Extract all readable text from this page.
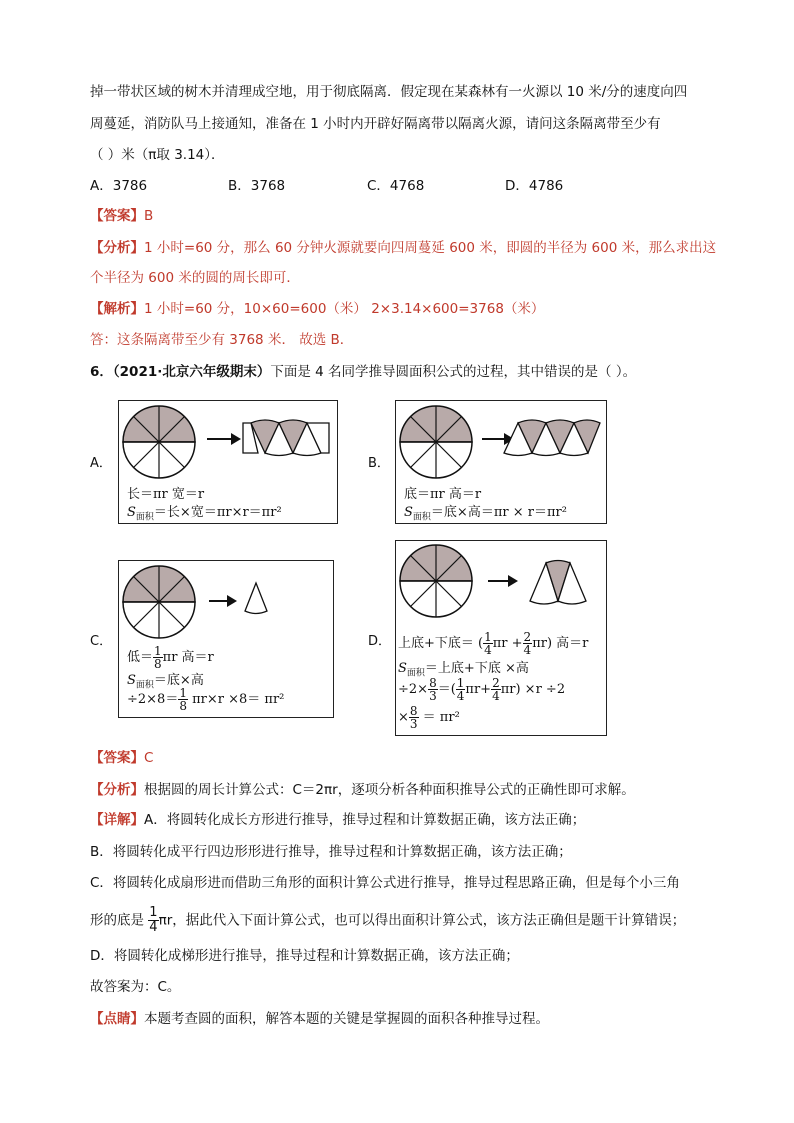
掉一带状区域的树木并清理成空地，用于彻底隔离．假定现在某森林有一火源以 10 米/分的速度向四
周蔓延，消防队马上接通知，准备在 1 小时内开辟好隔离带以隔离火源，请问这条隔离带至少有
（ ）米（π取 3.14）．
A．3786	B．3768	C．4768	D．4786
【答案】B
【分析】1 小时=60 分，那么 60 分钟火源就要向四周蔓延 600 米，即圆的半径为 600 米，那么求出这
个半径为 600 米的圆的周长即可．
【解析】1 小时=60 分，10×60=600（米） 2×3.14×600=3768（米）
答：这条隔离带至少有 3768 米． 故选 B．
6．（2021·北京六年级期末）下面是 4 名同学推导圆面积公式的过程，其中错误的是（ ）。
A．
长＝πr 宽＝r
$S_{面积}=$长×宽＝πr×r＝πr²
B．
底＝πr 高＝r
$S_{面积}=$底×高＝πr × r＝πr²
C．
低＝ $\frac{1}{8}$ πr 高＝r
$S_{面积}=$底×高
$\div 2\times 8= \frac{1}{8} \pi r\times r \times 8= \pi r^2$
D． 上底+下底＝ ( $\frac{1}{4}$ $\pi r + \frac{2}{4} \pi r$) 高＝r
$S_{面积}=$上底+下底 ×高
$\div 2\times \frac{8}{3}$ ＝( $\frac{1}{4} \pi r+ \frac{2}{4} \pi r) \times r \div 2$
× $\frac{8}{3} = \pi r^2$
【答案】C
【分析】根据圆的周长计算公式：C＝2πr，逐项分析各种面积推导公式的正确性即可求解。
【详解】A．将圆转化成长方形进行推导，推导过程和计算数据正确，该方法正确；
B．将圆转化成平行四边形形进行推导，推导过程和计算数据正确，该方法正确；
C．将圆转化成扇形进而借助三角形的面积计算公式进行推导，推导过程思路正确，但是每个小三角
形的底是 $\frac{1}{4}$ πr，据此代入下面计算公式，也可以得出面积计算公式，该方法正确但是题干计算错误；
D．将圆转化成梯形进行推导，推导过程和计算数据正确，该方法正确；
故答案为：C。
【点睛】本题考查圆的面积，解答本题的关键是掌握圆的面积各种推导过程。
